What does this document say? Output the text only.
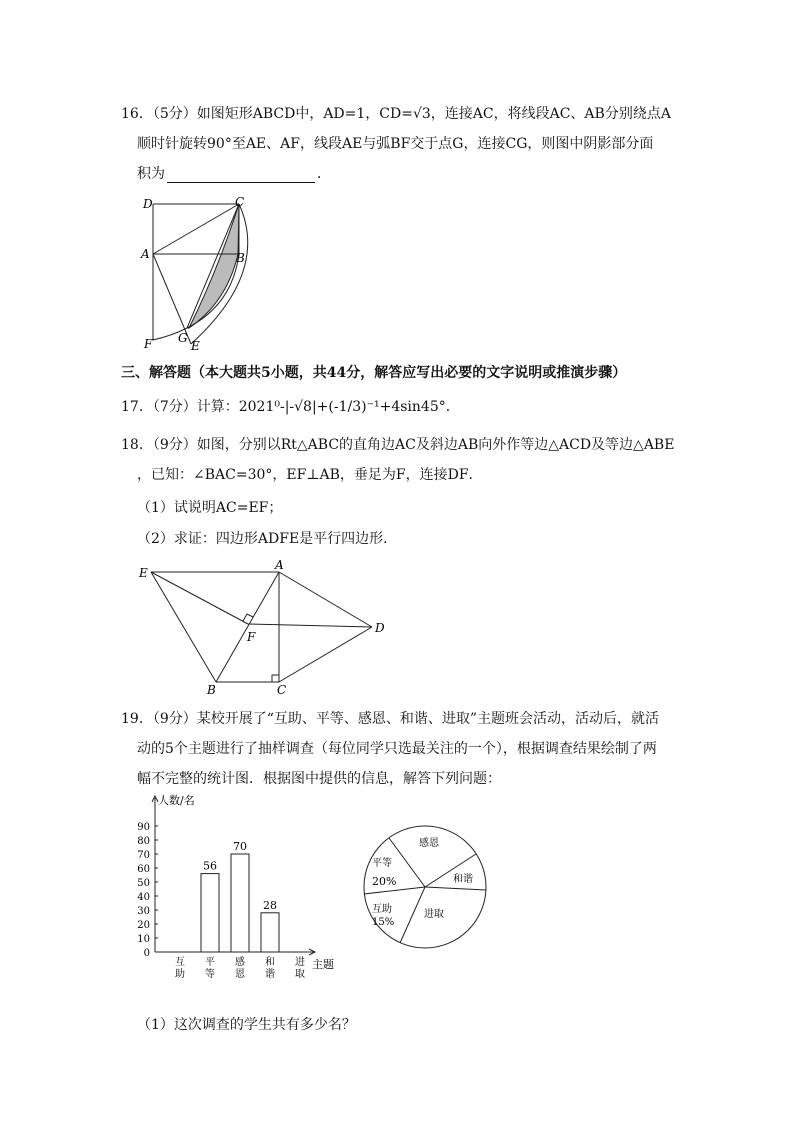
16．（5分）如图矩形ABCD中，AD=1，CD=√3，连接AC，将线段AC、AB分别绕点A
顺时针旋转90°至AE、AF，线段AE与弧BF交于点G，连接CG，则图中阴影部分面
积为	．
D	C
A	B
G
F	E
三、解答题（本大题共5小题，共44分，解答应写出必要的文字说明或推演步骤）
17．（7分）计算：2021⁰-|-√8|+(-1/3)⁻¹+4sin45°．
18．（9分）如图，分别以Rt△ABC的直角边AC及斜边AB向外作等边△ACD及等边△ABE
，已知：∠BAC=30°，EF⊥AB，垂足为F，连接DF．
（1）试说明AC=EF；
（2）求证：四边形ADFE是平行四边形．
E
A
F
D
B	C
19．（9分）某校开展了“互助、平等、感恩、和谐、进取”主题班会活动，活动后，就活
动的5个主题进行了抽样调查（每位同学只选最关注的一个），根据调查结果绘制了两
幅不完整的统计图．根据图中提供的信息，解答下列问题：
人数/名
主题
0
10
20
30
40
50
60
70
80
90
互助
平等
56
感恩
70
和谐
28
进取
感恩
和谐
进取
互助
15%
平等
20%
（1）这次调查的学生共有多少名？
